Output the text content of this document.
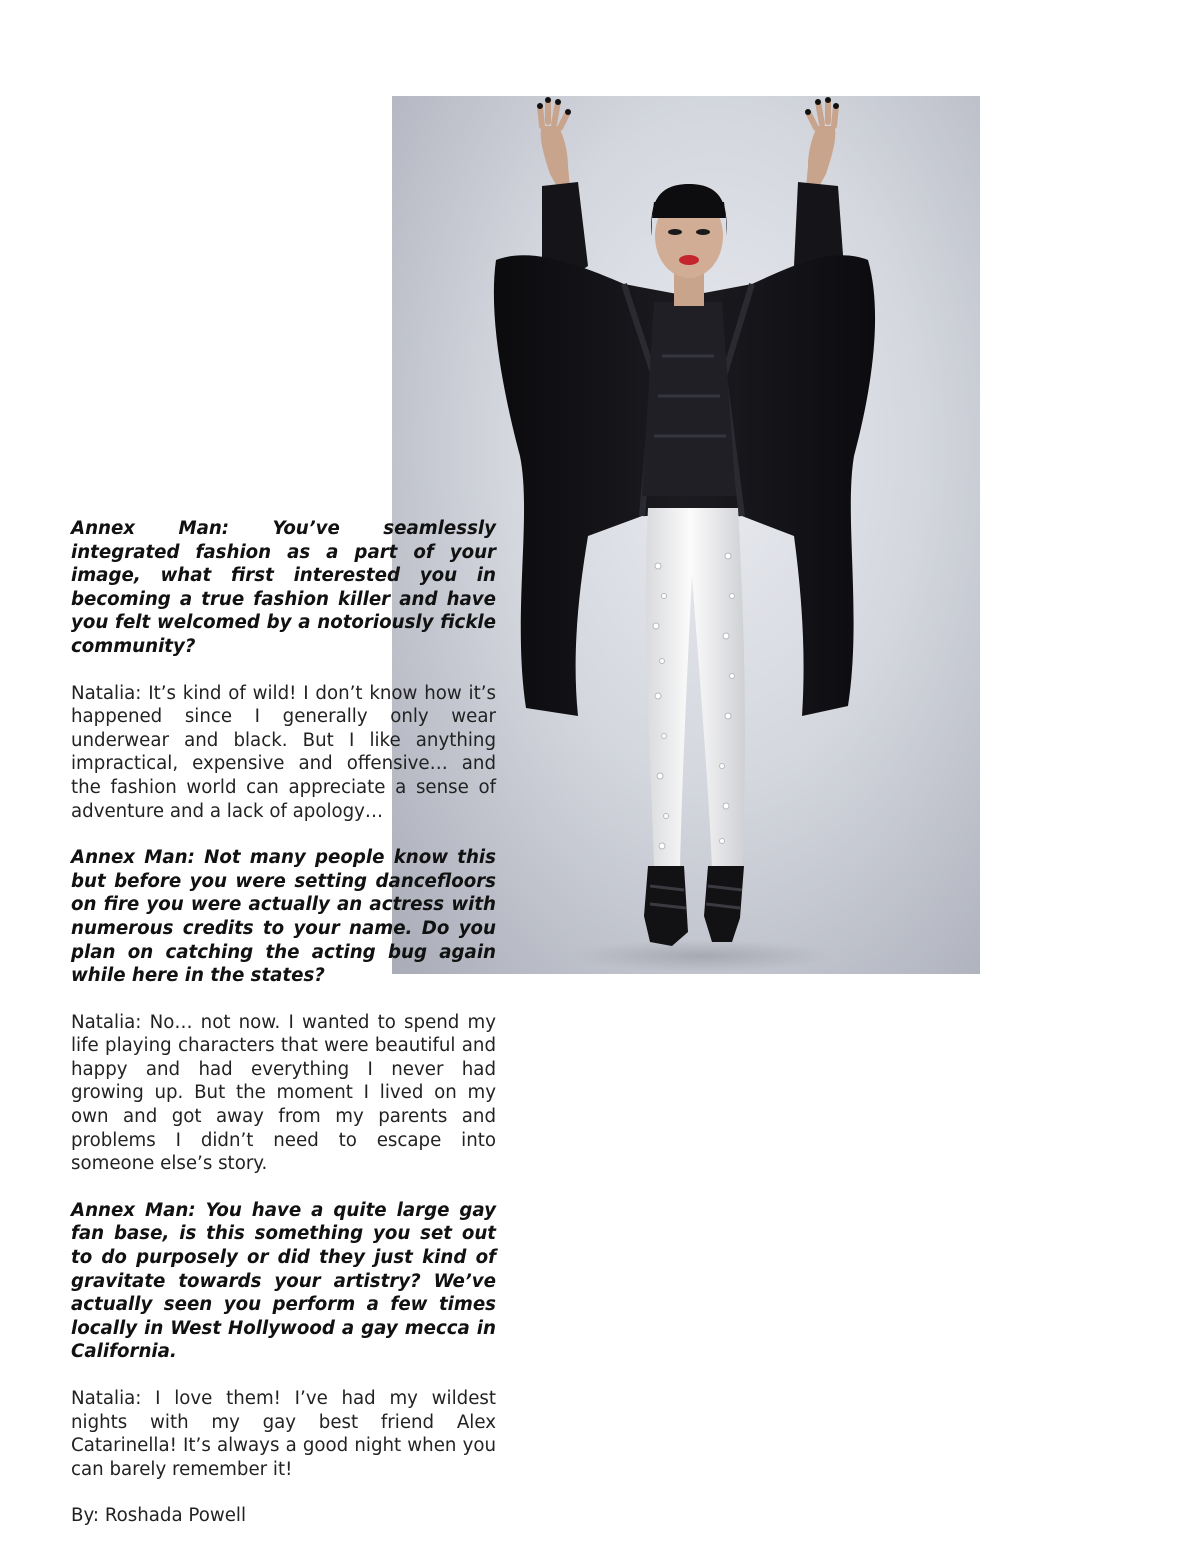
Annex Man: You’ve seamlessly integrated fashion as a part of your image, what first interested you in becoming a true fashion killer and have you felt welcomed by a notoriously fickle community?

Natalia: It’s kind of wild! I don’t know how it’s happened since I generally only wear underwear and black. But I like anything impractical, expensive and offensive… and the fashion world can appreciate a sense of adventure and a lack of apology…

Annex Man: Not many people know this but before you were setting dancefloors on fire you were actually an actress with numerous credits to your name. Do you plan on catching the acting bug again while here in the states?

Natalia: No… not now. I wanted to spend my life playing characters that were beautiful and happy and had everything I never had growing up. But the moment I lived on my own and got away from my parents and problems I didn’t need to escape into someone else’s story.

Annex Man: You have a quite large gay fan base, is this something you set out to do purposely or did they just kind of gravitate towards your artistry? We’ve actually seen you perform a few times locally in West Hollywood a gay mecca in California.

Natalia: I love them! I’ve had my wildest nights with my gay best friend Alex Catarinella! It’s always a good night when you can barely remember it!

By: Roshada Powell
